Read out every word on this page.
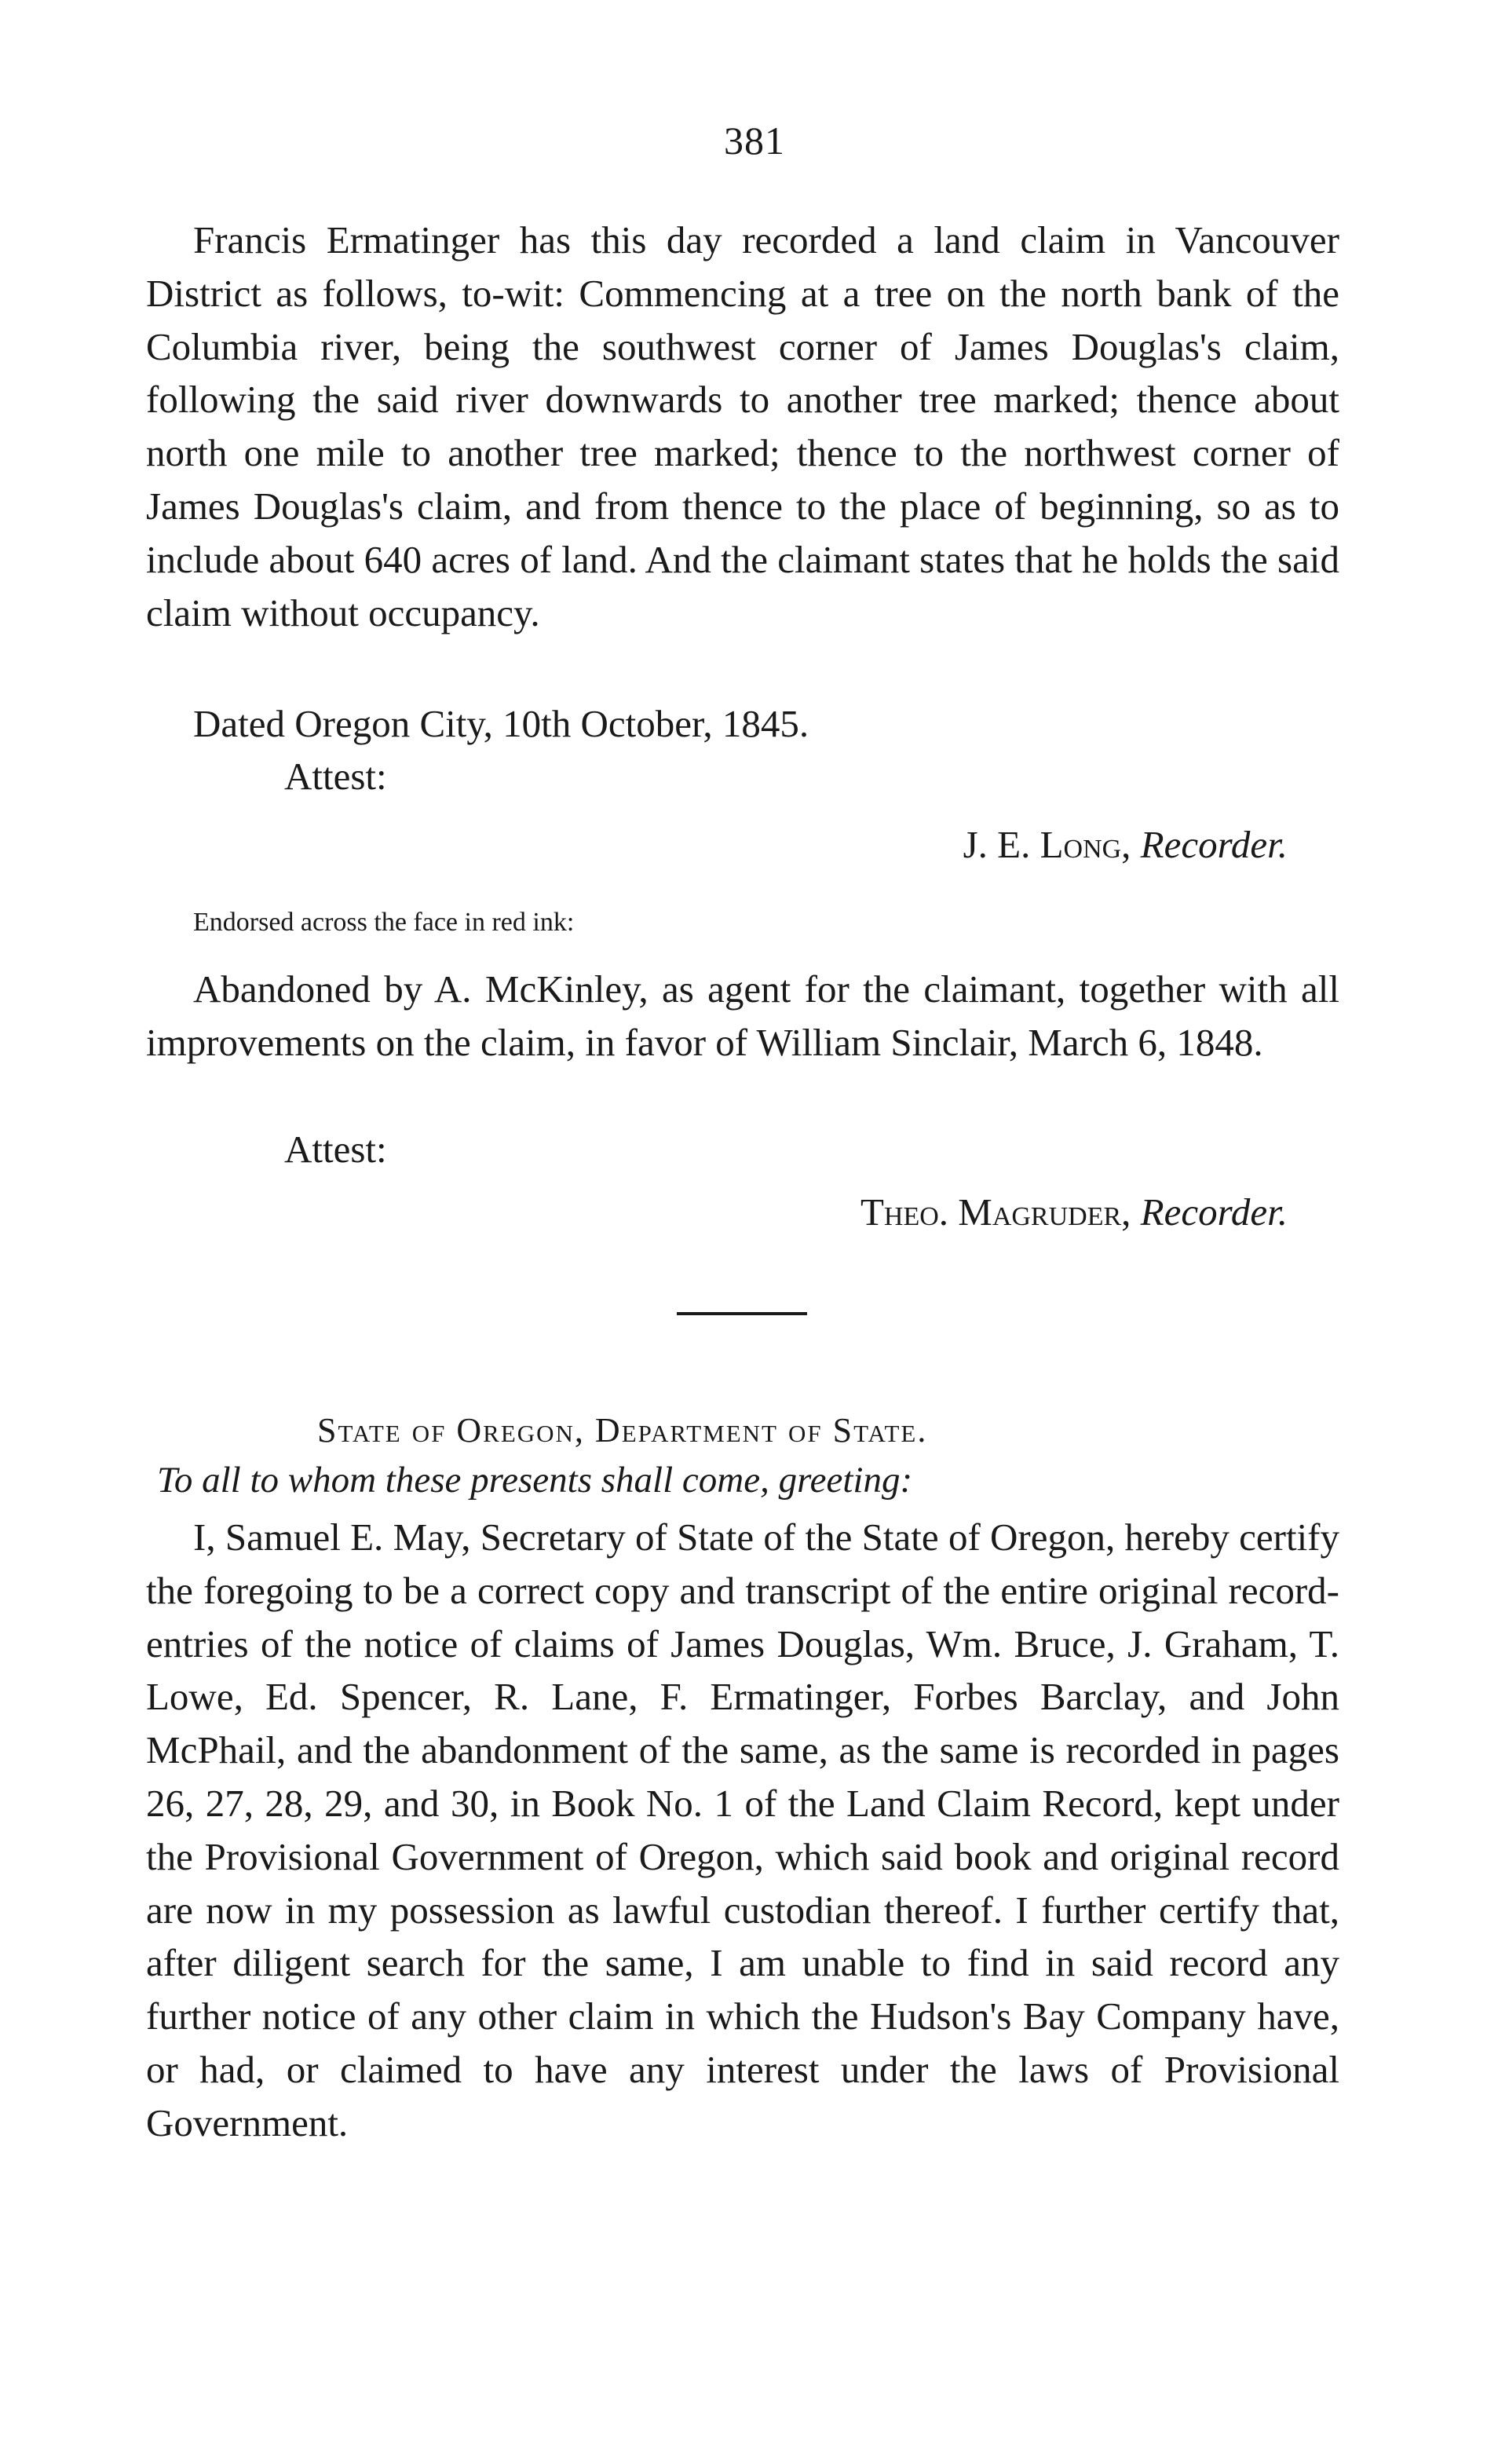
381

Francis Ermatinger has this day recorded a land claim in Vancouver District as follows, to-wit: Commencing at a tree on the north bank of the Columbia river, being the southwest corner of James Douglas's claim, following the said river downwards to another tree marked; thence about north one mile to another tree marked; thence to the northwest corner of James Douglas's claim, and from thence to the place of beginning, so as to include about 640 acres of land. And the claimant states that he holds the said claim without occupancy.

Dated Oregon City, 10th October, 1845.
Attest:
J. E. Long, Recorder.
Endorsed across the face in red ink:

Abandoned by A. McKinley, as agent for the claimant, together with all improvements on the claim, in favor of William Sinclair, March 6, 1848.

Attest:
Theo. Magruder, Recorder.
State of Oregon, Department of State.
To all to whom these presents shall come, greeting:

I, Samuel E. May, Secretary of State of the State of Oregon, hereby certify the foregoing to be a correct copy and transcript of the entire original record-entries of the notice of claims of James Douglas, Wm. Bruce, J. Graham, T. Lowe, Ed. Spencer, R. Lane, F. Ermatinger, Forbes Barclay, and John McPhail, and the abandonment of the same, as the same is recorded in pages 26, 27, 28, 29, and 30, in Book No. 1 of the Land Claim Record, kept under the Provisional Government of Oregon, which said book and original record are now in my possession as lawful custodian thereof. I further certify that, after diligent search for the same, I am unable to find in said record any further notice of any other claim in which the Hudson's Bay Company have, or had, or claimed to have any interest under the laws of Provisional Government.
